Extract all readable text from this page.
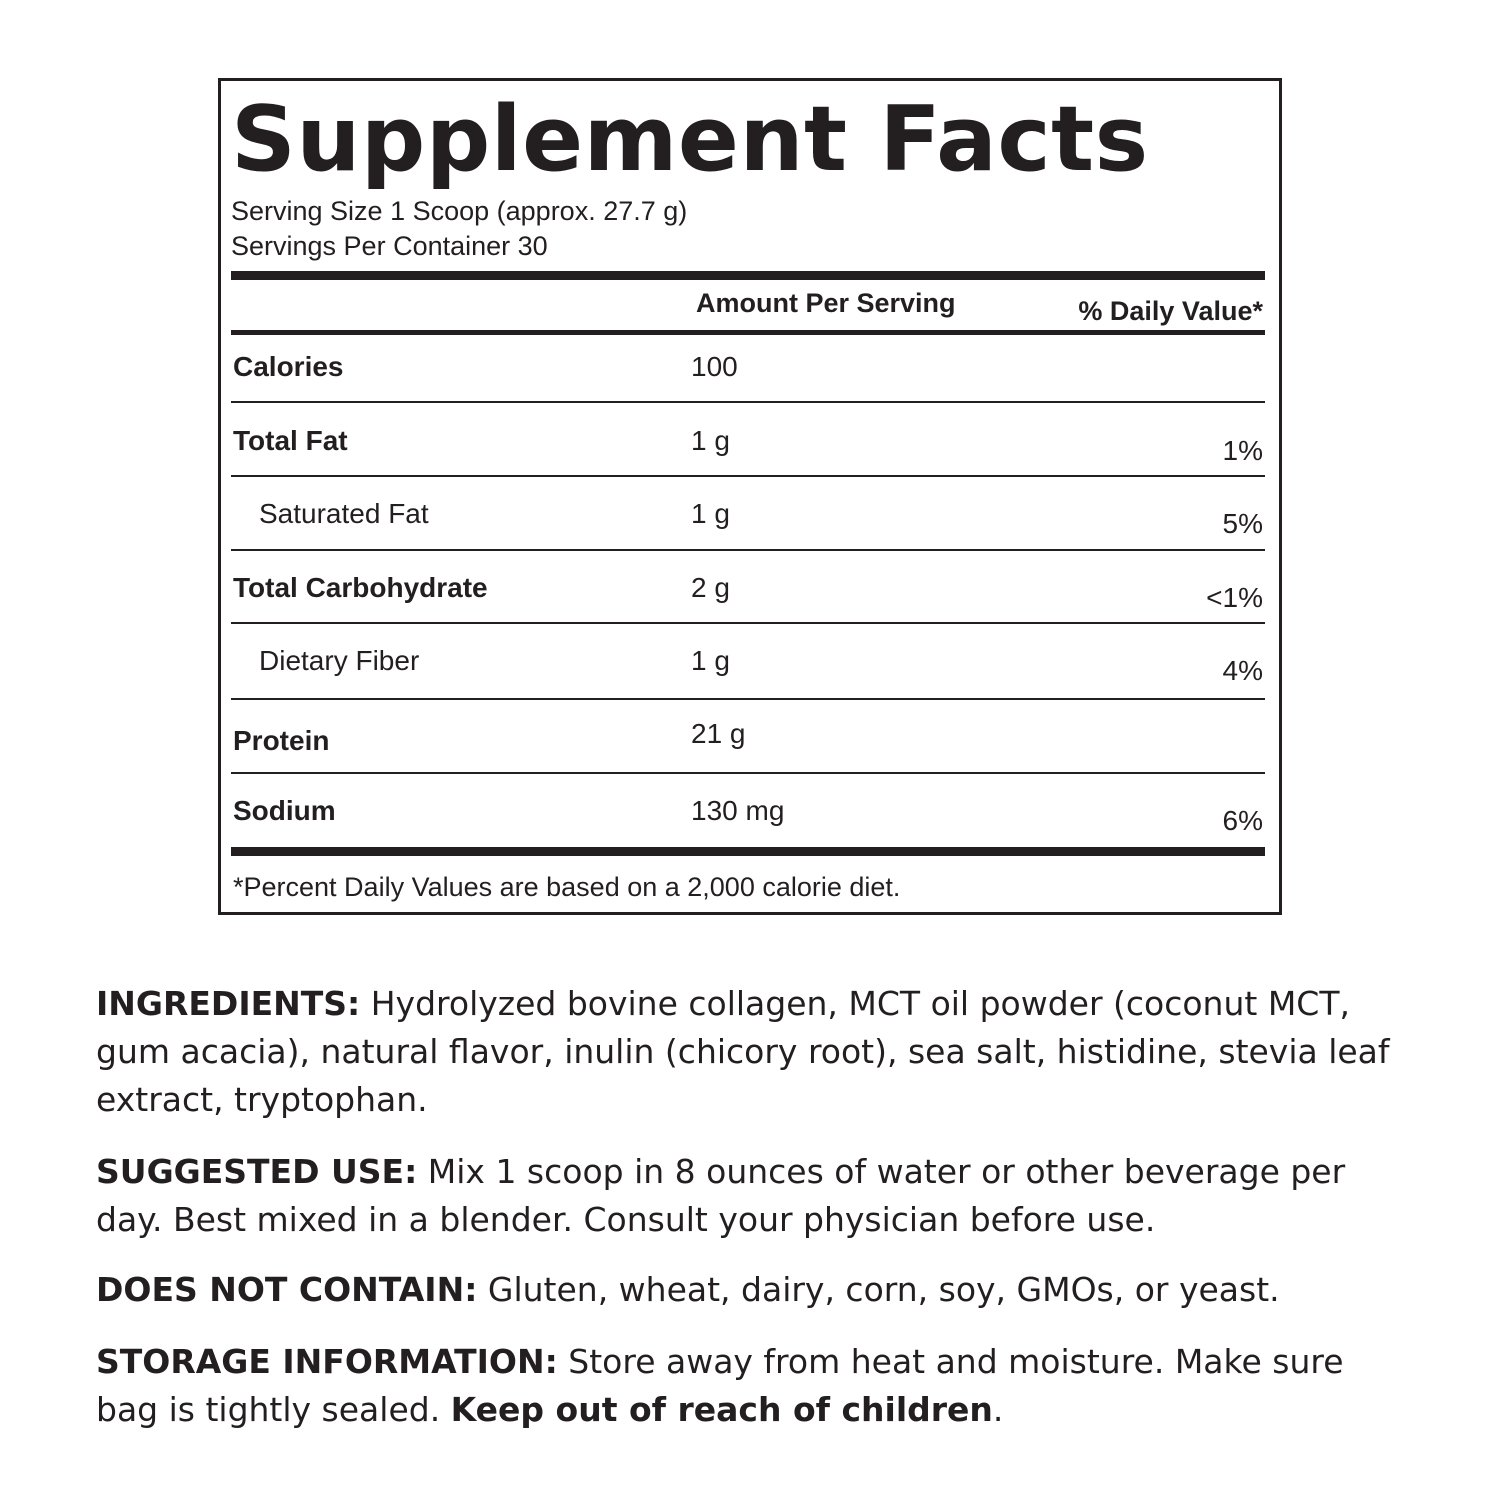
Supplement Facts
Serving Size 1 Scoop (approx. 27.7 g)
Servings Per Container 30
Amount Per Serving	% Daily Value*
Calories	100
Total Fat	1 g	1%
Saturated Fat	1 g	5%
Total Carbohydrate	2 g	<1%
Dietary Fiber	1 g	4%
Protein	21 g
Sodium	130 mg	6%
*Percent Daily Values are based on a 2,000 calorie diet.

INGREDIENTS: Hydrolyzed bovine collagen, MCT oil powder (coconut MCT, gum acacia), natural flavor, inulin (chicory root), sea salt, histidine, stevia leaf extract, tryptophan.

SUGGESTED USE: Mix 1 scoop in 8 ounces of water or other beverage per day. Best mixed in a blender. Consult your physician before use.

DOES NOT CONTAIN: Gluten, wheat, dairy, corn, soy, GMOs, or yeast.

STORAGE INFORMATION: Store away from heat and moisture. Make sure bag is tightly sealed. Keep out of reach of children.
